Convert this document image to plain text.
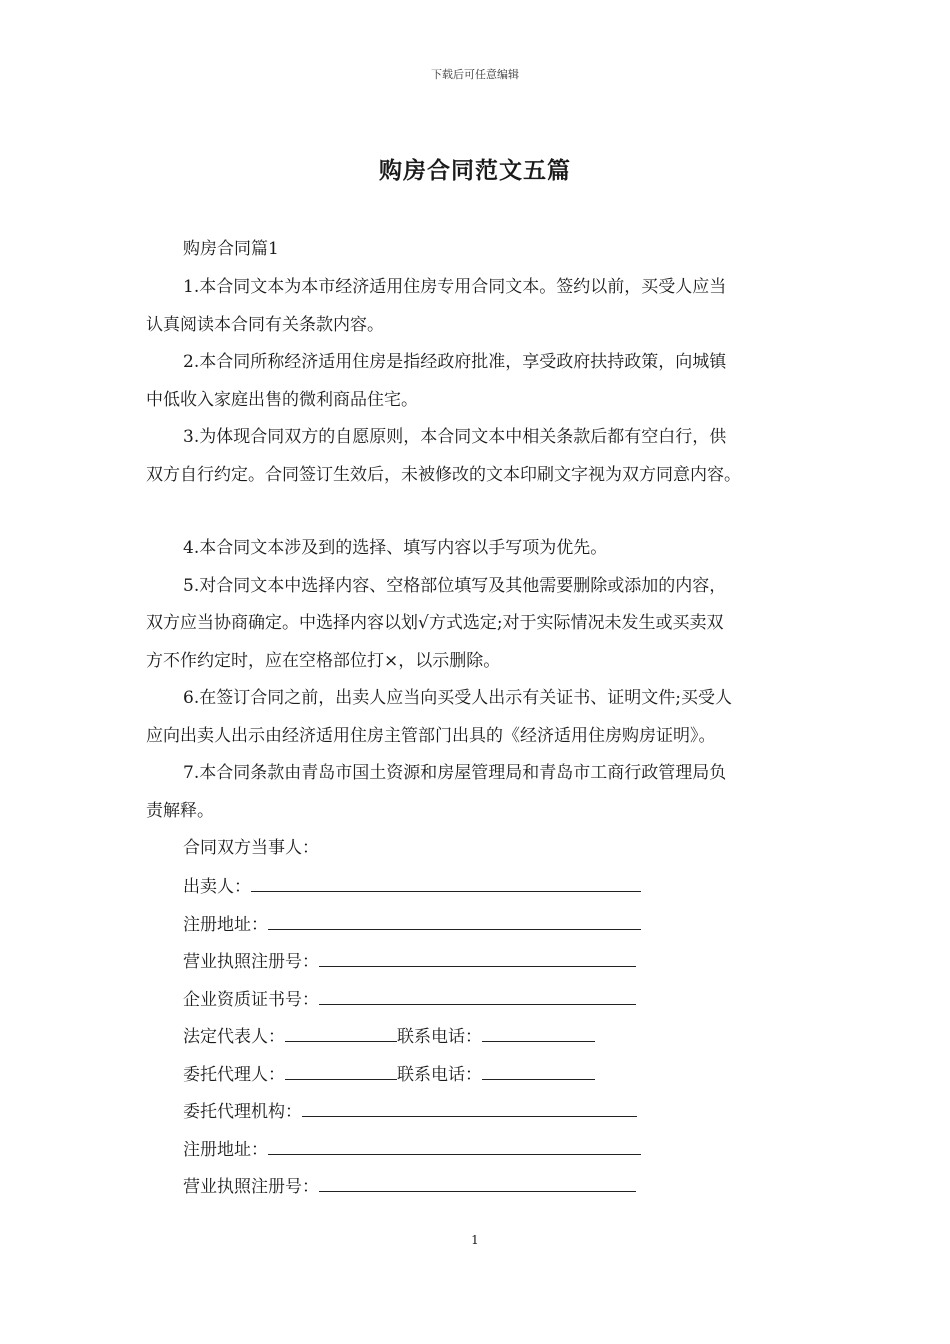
下载后可任意编辑
购房合同范文五篇
购房合同篇1
1.本合同文本为本市经济适用住房专用合同文本。签约以前，买受人应当
认真阅读本合同有关条款内容。
2.本合同所称经济适用住房是指经政府批准，享受政府扶持政策，向城镇
中低收入家庭出售的微利商品住宅。
3.为体现合同双方的自愿原则，本合同文本中相关条款后都有空白行，供
双方自行约定。合同签订生效后，未被修改的文本印刷文字视为双方同意内容。
4.本合同文本涉及到的选择、填写内容以手写项为优先。
5.对合同文本中选择内容、空格部位填写及其他需要删除或添加的内容，
双方应当协商确定。中选择内容以划√方式选定;对于实际情况未发生或买卖双
方不作约定时，应在空格部位打×，以示删除。
6.在签订合同之前，出卖人应当向买受人出示有关证书、证明文件;买受人
应向出卖人出示由经济适用住房主管部门出具的《经济适用住房购房证明》。
7.本合同条款由青岛市国土资源和房屋管理局和青岛市工商行政管理局负
责解释。
合同双方当事人：
出卖人：
注册地址：
营业执照注册号：
企业资质证书号：
法定代表人：	联系电话：
委托代理人：	联系电话：
委托代理机构：
注册地址：
营业执照注册号：
1
